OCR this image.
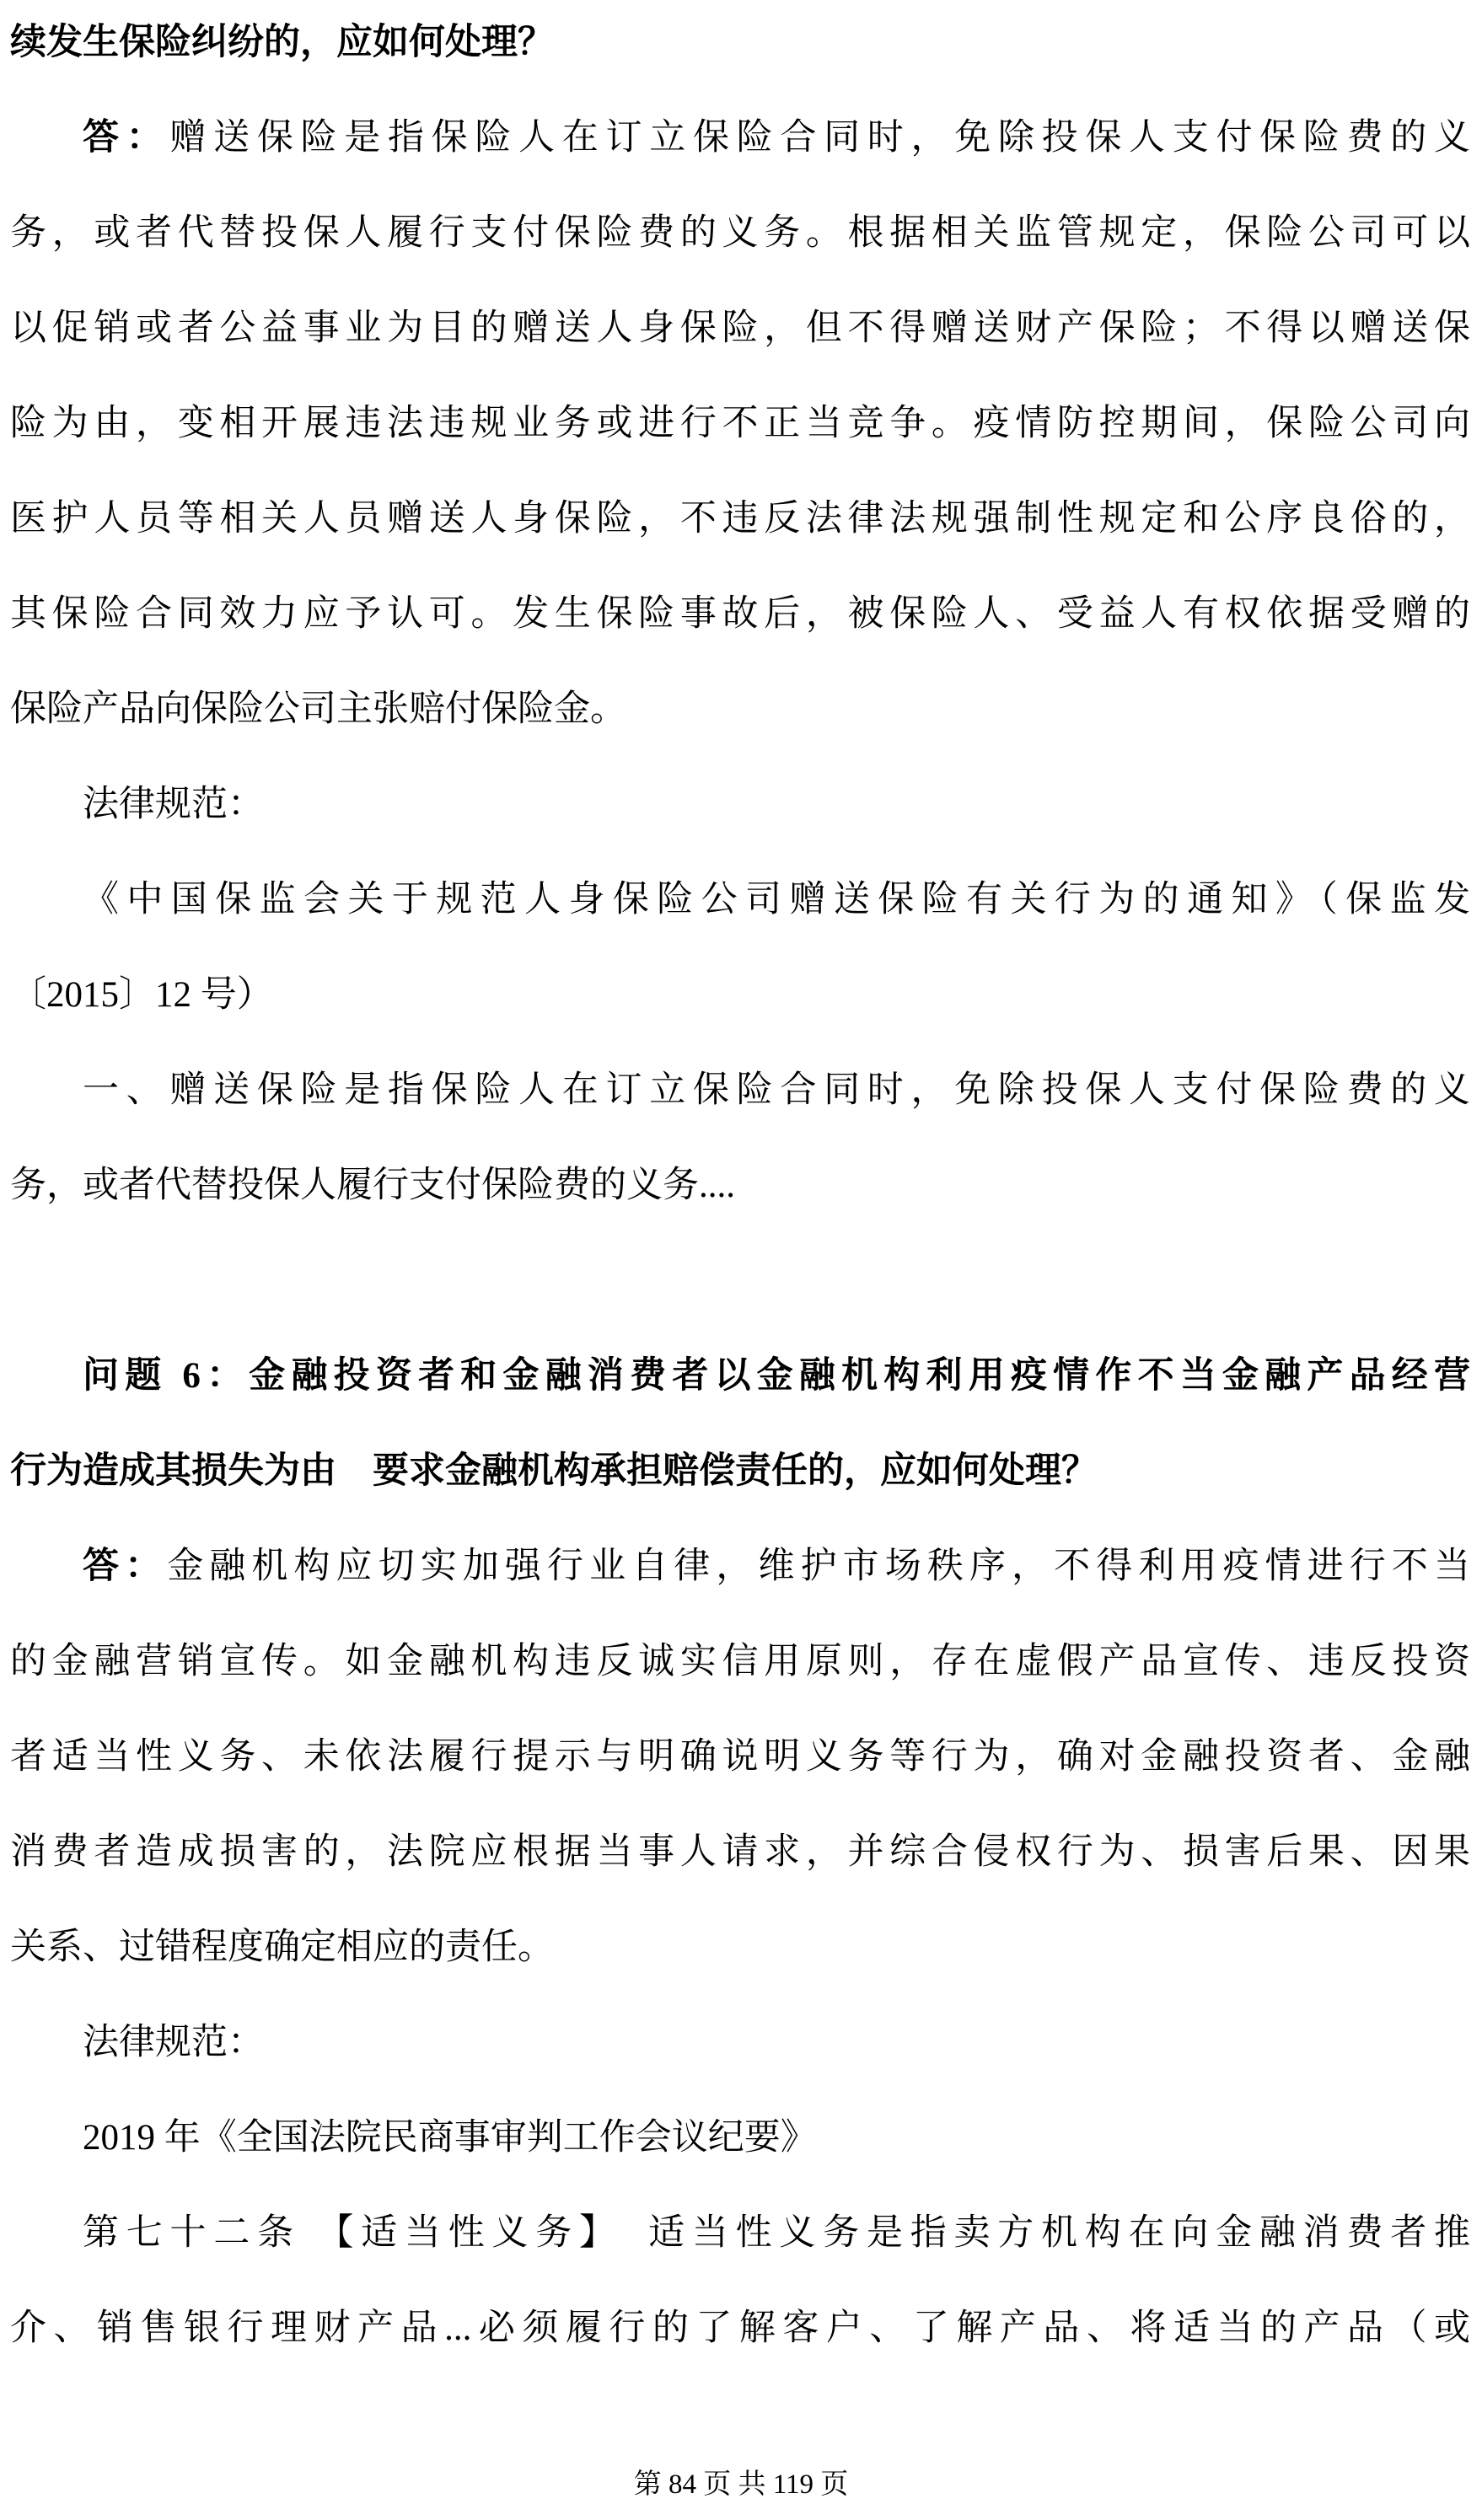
续发生保险纠纷的，应如何处理？
答：赠送保险是指保险人在订立保险合同时，免除投保人支付保险费的义
务，或者代替投保人履行支付保险费的义务。根据相关监管规定，保险公司可以
以促销或者公益事业为目的赠送人身保险，但不得赠送财产保险；不得以赠送保
险为由，变相开展违法违规业务或进行不正当竞争。疫情防控期间，保险公司向
医护人员等相关人员赠送人身保险，不违反法律法规强制性规定和公序良俗的，
其保险合同效力应予认可。发生保险事故后，被保险人、受益人有权依据受赠的
保险产品向保险公司主张赔付保险金。
法律规范：
《中国保监会关于规范人身保险公司赠送保险有关行为的通知》（保监发
〔2015〕12 号）
一、赠送保险是指保险人在订立保险合同时，免除投保人支付保险费的义
务，或者代替投保人履行支付保险费的义务....
问题 6：金融投资者和金融消费者以金融机构利用疫情作不当金融产品经营
行为造成其损失为由　要求金融机构承担赔偿责任的，应如何处理？
答：金融机构应切实加强行业自律，维护市场秩序，不得利用疫情进行不当
的金融营销宣传。如金融机构违反诚实信用原则，存在虚假产品宣传、违反投资
者适当性义务、未依法履行提示与明确说明义务等行为，确对金融投资者、金融
消费者造成损害的，法院应根据当事人请求，并综合侵权行为、损害后果、因果
关系、过错程度确定相应的责任。
法律规范：
2019 年《全国法院民商事审判工作会议纪要》
第七十二条 【适当性义务】　适当性义务是指卖方机构在向金融消费者推
介、销售银行理财产品...必须履行的了解客户、了解产品、将适当的产品（或
第 84 页 共 119 页
